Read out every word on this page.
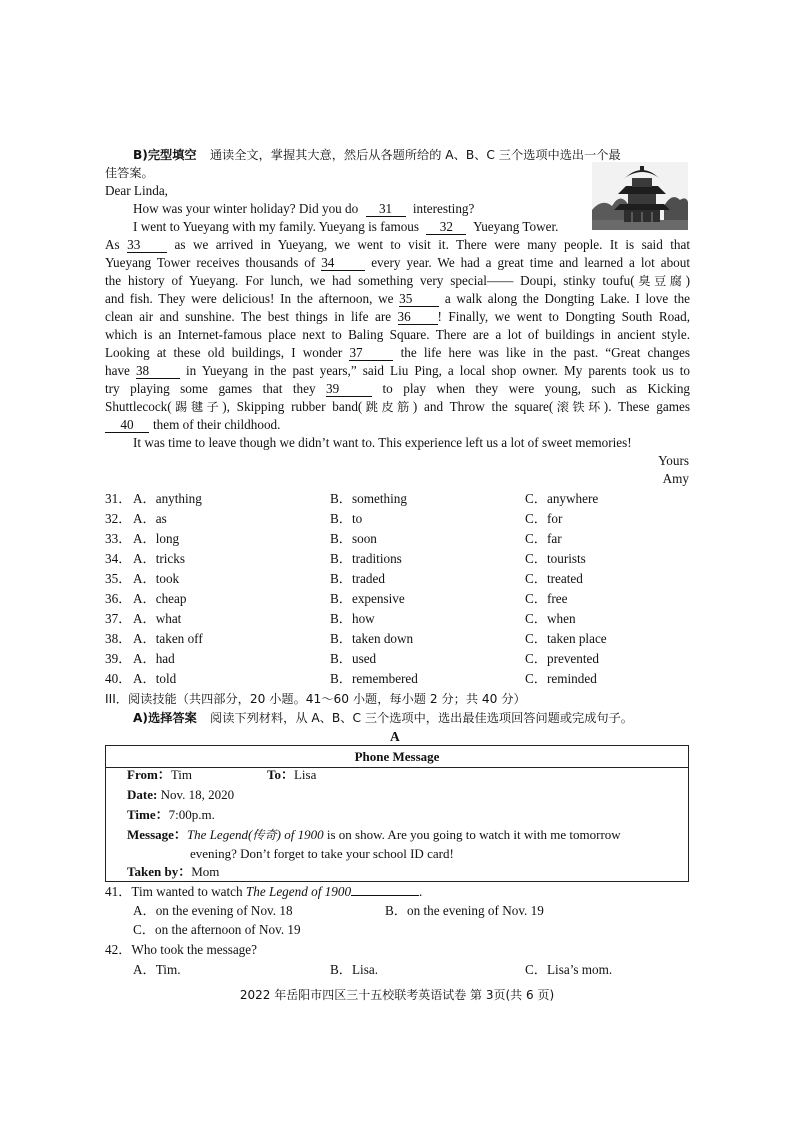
B)完型填空 通读全文，掌握其大意，然后从各题所给的 A、B、C 三个选项中选出一个最
佳答案。
Dear Linda,
How was your winter holiday? Did you do 31 interesting?
I went to Yueyang with my family. Yueyang is famous 32 Yueyang Tower.
As 33	as we arrived in Yueyang, we went to visit it. There were many people. It is said that
Yueyang Tower receives thousands of 34	every year. We had a great time and learned a lot about
the history of Yueyang. For lunch, we had something very special—— Doupi, stinky toufu(臭豆腐)
and fish. They were delicious! In the afternoon, we 35 a walk along the Dongting Lake. I love the
clean air and sunshine. The best things in life are 36 ! Finally, we went to Dongting South Road,
which is an Internet-famous place next to Baling Square. There are a lot of buildings in ancient style.
Looking at these old buildings, I wonder 37	the life here was like in the past. “Great changes
have 38	in Yueyang in the past years,” said Liu Ping, a local shop owner. My parents took us to
try playing some games that they 39	to play when they were young, such as Kicking
Shuttlecock(踢毽子), Skipping rubber band(跳皮筋) and Throw the square(滚铁环). These games
40 them of their childhood.
It was time to leave though we didn’t want to. This experience left us a lot of sweet memories!
Yours
Amy
31． A．anything	B．something	C．anywhere
32． A．as	B．to	C．for
33． A．long	B．soon	C．far
34． A．tricks	B．traditions	C．tourists
35． A．took	B．traded	C．treated
36． A．cheap	B．expensive	C．free
37． A．what	B．how	C．when
38． A．taken off	B．taken down	C．taken place
39． A．had	B．used	C．prevented
40． A．told	B．remembered	C．reminded
III．阅读技能（共四部分，20 小题。41～60 小题，每小题 2 分；共 40 分）
A)选择答案 阅读下列材料，从 A、B、C 三个选项中，选出最佳选项回答问题或完成句子。
A
Phone Message
From：Tim	To：Lisa
Date: Nov. 18, 2020
Time：7:00p.m.
Message：The Legend(传奇) of 1900 is on show. Are you going to watch it with me tomorrow
evening? Don’t forget to take your school ID card!
Taken by：Mom
41．Tim wanted to watch The Legend of 1900	.
A．on the evening of Nov. 18	B．on the evening of Nov. 19
C．on the afternoon of Nov. 19
42．Who took the message?
A．Tim.	B．Lisa.	C．Lisa’s mom.
2022 年岳阳市四区三十五校联考英语试卷 第 3页(共 6 页)
